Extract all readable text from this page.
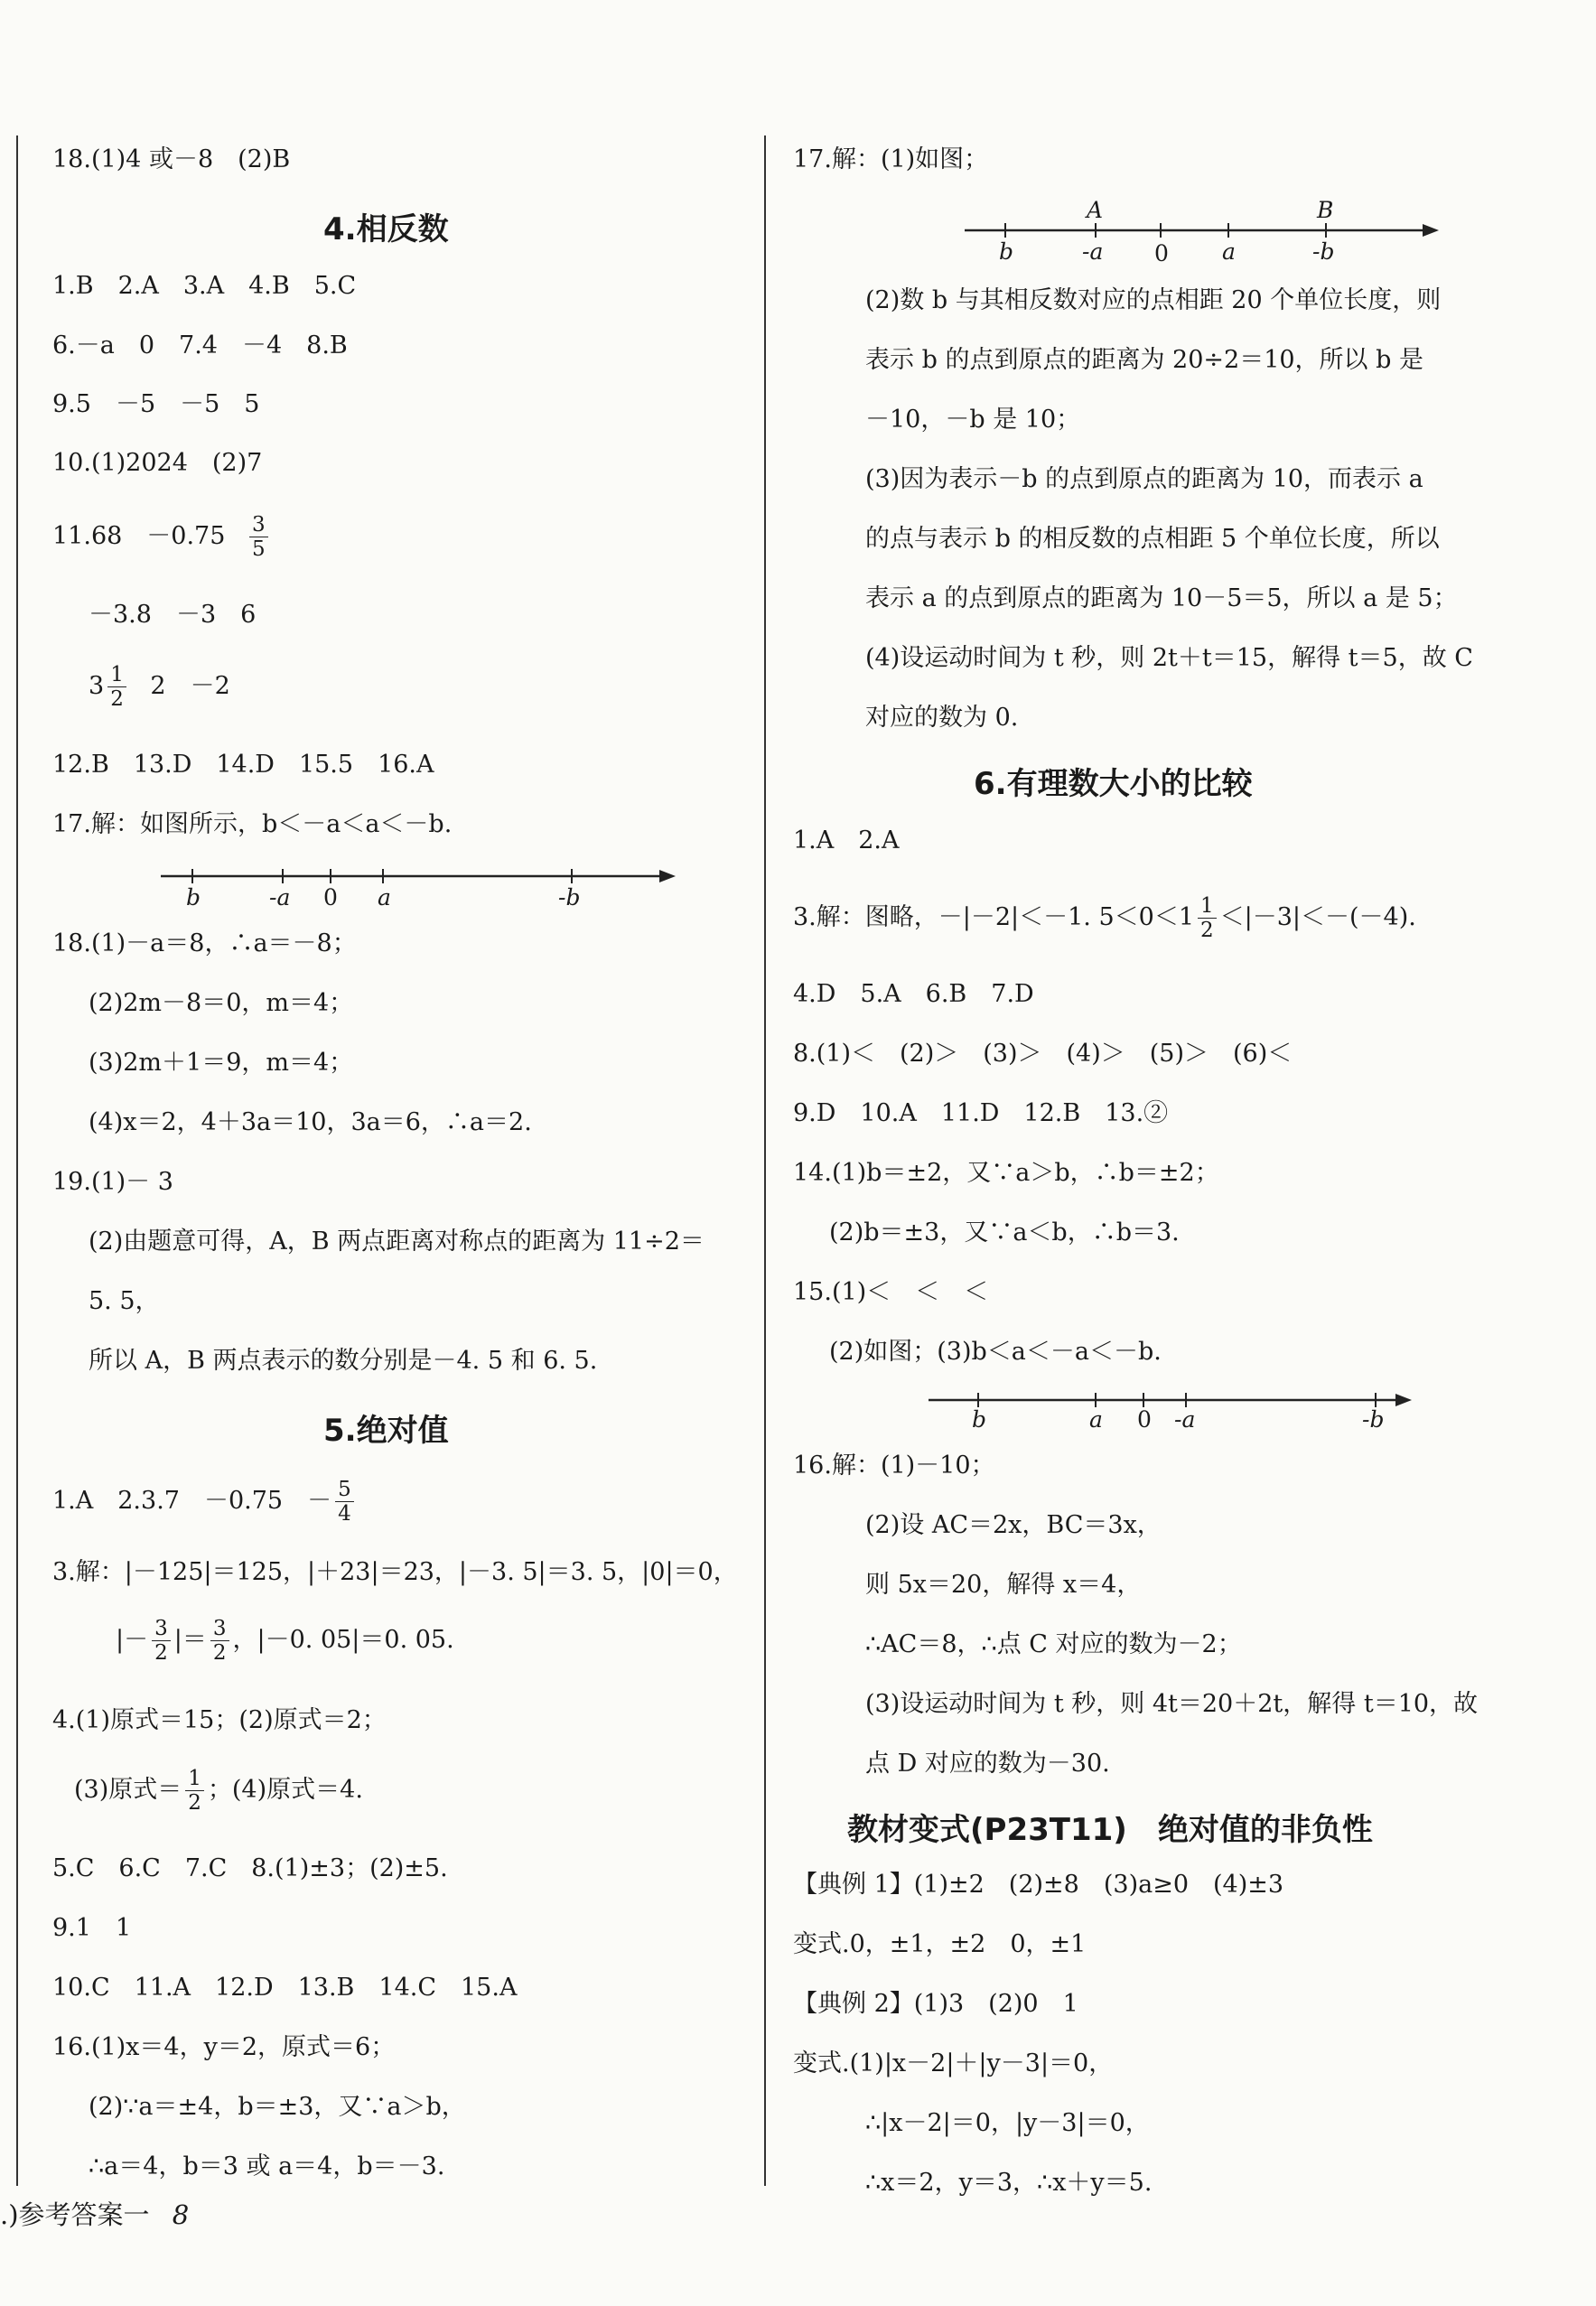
18.(1)4 或－8　(2)B
4.相反数
1.B　2.A　3.A　4.B　5.C
6.－a　0　7.4　－4　8.B
9.5　－5　－5　5
10.(1)2024　(2)7
11.68　$-0.75 \frac{3}{5}$
－3.8　－3　6
$3 \frac{1}{2} 2$　－2
12.B　13.D　14.D　15.5　16.A
17.解：如图所示，b＜－a＜a＜－b.
b	-a 0 a	-b
18.(1)－a＝8，∴a＝－8；
(2)2m－8＝0，m＝4；
(3)2m＋1＝9，m＝4；
(4)x＝2，4＋3a＝10，3a＝6，∴a＝2.
19.(1)－ 3
(2)由题意可得，A，B 两点距离对称点的距离为 11÷2＝
5. 5，
所以 A，B 两点表示的数分别是－4. 5 和 6. 5.
5.绝对值
1.A　2.3.7　－0.75　－ $\frac{5}{4}$
3.解：|－125|＝125，|＋23|＝23，|－3. 5|＝3. 5，|0|＝0，
|－ $\frac{3}{2}$ |＝ $\frac{3}{2}$ ，|－0. 05|＝0. 05.
4.(1)原式＝15；(2)原式＝2；
(3)原式＝ $\frac{1}{2}$ ；(4)原式＝4.
5.C　6.C　7.C　8.(1)±3；(2)±5.
9.1　1
10.C　11.A　12.D　13.B　14.C　15.A
16.(1)x＝4，y＝2，原式＝6；
(2)∵a＝±4，b＝±3，又∵a＞b，
∴a＝4，b＝3 或 a＝4，b＝－3.
17.解：(1)如图；
A	B
b	-a 0 a	-b
(2)数 b 与其相反数对应的点相距 20 个单位长度，则
表示 b 的点到原点的距离为 20÷2＝10，所以 b 是
－10，－b 是 10；
(3)因为表示－b 的点到原点的距离为 10，而表示 a
的点与表示 b 的相反数的点相距 5 个单位长度，所以
表示 a 的点到原点的距离为 10－5＝5，所以 a 是 5；
(4)设运动时间为 t 秒，则 2t＋t＝15，解得 t＝5，故 C
对应的数为 0.
6.有理数大小的比较
1.A　2.A
3.解：图略，－|－2|＜－1. $5<0<1 \frac{1}{2} <|-3|<-(-4)$.
4.D　5.A　6.B　7.D
8.(1)＜　(2)＞　(3)＞　(4)＞　(5)＞　(6)＜
9.D　10.A　11.D　12.B　13.②
14.(1)b＝±2，又∵a＞b，∴b＝±2；
(2)b＝±3，又∵a＜b，∴b＝3.
15.(1)＜　＜　＜
(2)如图；(3)b＜a＜－a＜－b.
b	a 0 -a	-b
16.解：(1)－10；
(2)设 AC＝2x，BC＝3x，
则 5x＝20，解得 x＝4，
∴AC＝8，∴点 C 对应的数为－2；
(3)设运动时间为 t 秒，则 4t＝20＋2t，解得 t＝10，故
点 D 对应的数为－30.
教材变式(P23T11)　绝对值的非负性
【典例 1】(1)±2　(2)±8　(3)a≥0　(4)±3
变式.0，±1，±2　0，±1
【典例 2】(1)3　(2)0　1
变式.(1)|x－2|＋|y－3|＝0，
∴|x－2|＝0，|y－3|＝0，
∴x＝2，y＝3，∴x＋y＝5.
.)参考答案一 8
